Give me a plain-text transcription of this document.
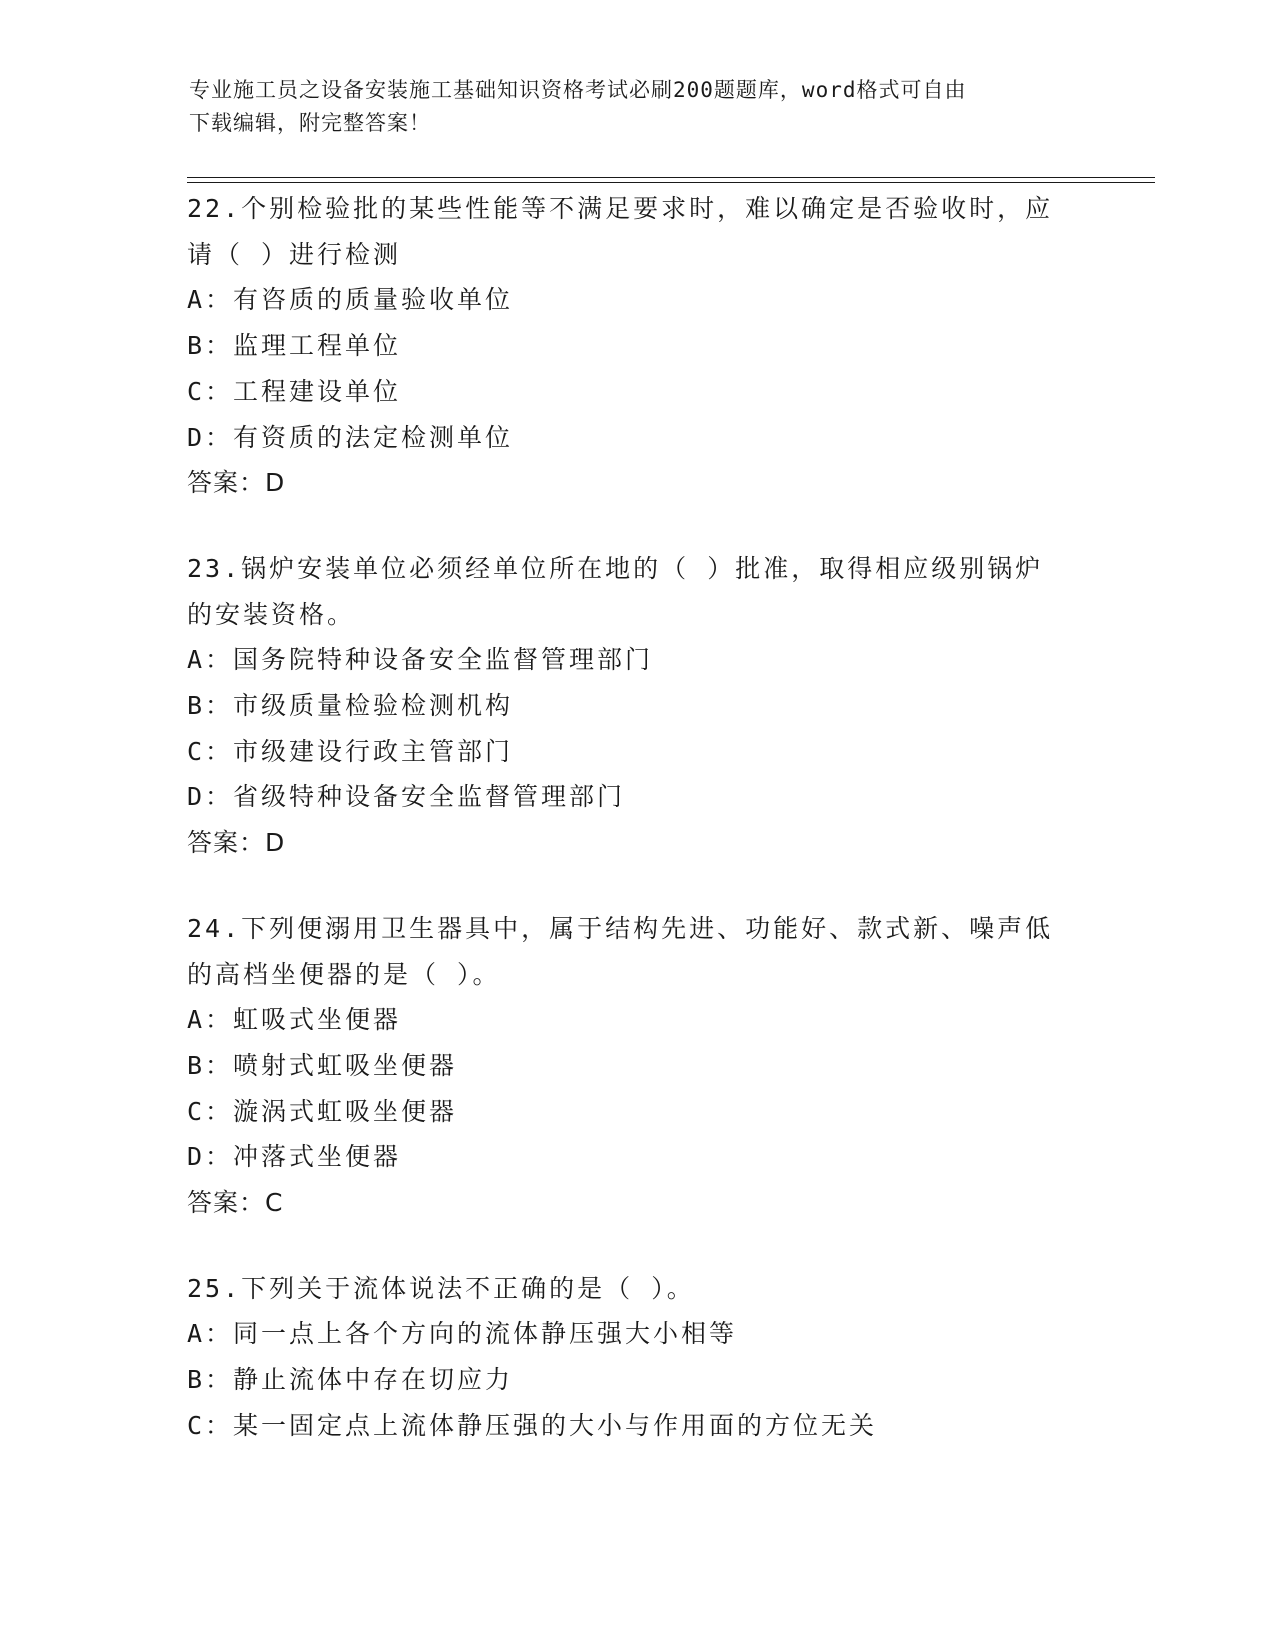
专业施工员之设备安装施工基础知识资格考试必刷200题题库，word格式可自由
下载编辑，附完整答案！
22.个别检验批的某些性能等不满足要求时，难以确定是否验收时，应
请（ ）进行检测
A：有咨质的质量验收单位
B：监理工程单位
C：工程建设单位
D：有资质的法定检测单位
答案：D
23.锅炉安装单位必须经单位所在地的（ ）批准，取得相应级别锅炉
的安装资格。
A：国务院特种设备安全监督管理部门
B：市级质量检验检测机构
C：市级建设行政主管部门
D：省级特种设备安全监督管理部门
答案：D
24.下列便溺用卫生器具中，属于结构先进、功能好、款式新、噪声低
的高档坐便器的是（ ）。
A：虹吸式坐便器
B：喷射式虹吸坐便器
C：漩涡式虹吸坐便器
D：冲落式坐便器
答案：C
25.下列关于流体说法不正确的是（ ）。
A：同一点上各个方向的流体静压强大小相等
B：静止流体中存在切应力
C：某一固定点上流体静压强的大小与作用面的方位无关
